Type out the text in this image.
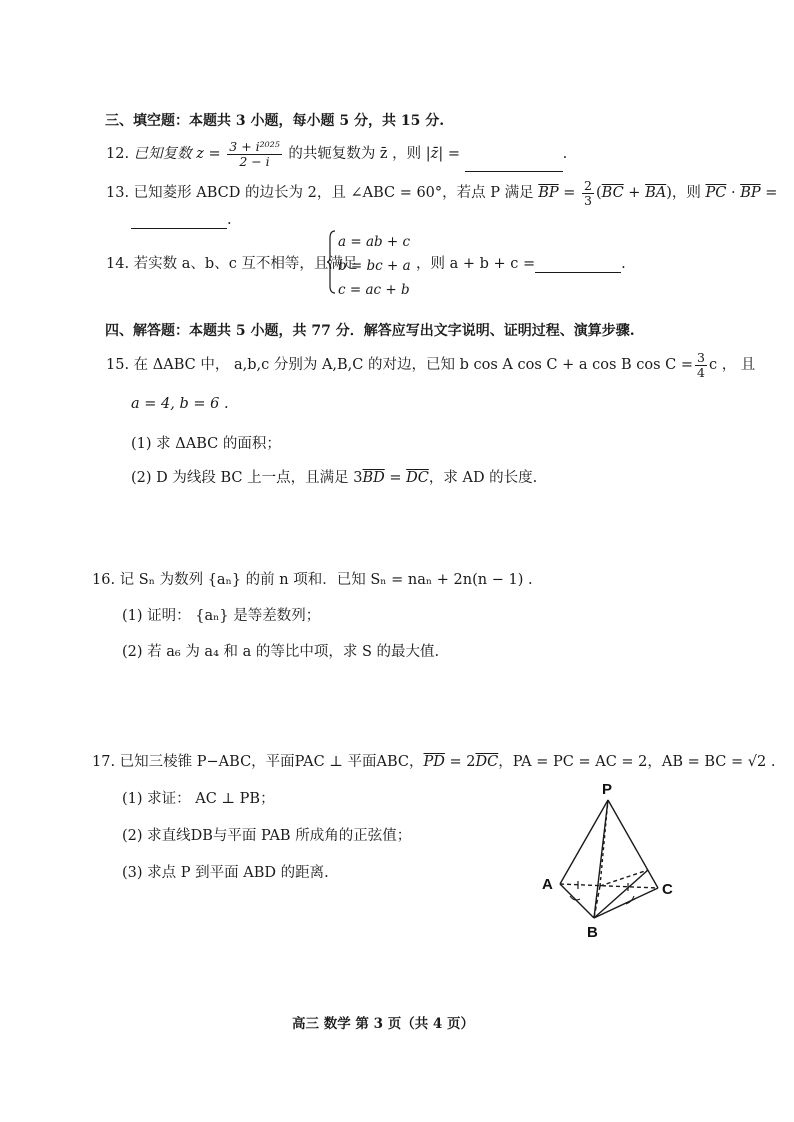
三、填空题：本题共 3 小题，每小题 5 分，共 15 分.
12. 已知复数 $z = \frac{\text{3 + i²⁰²⁵}}{2 - i}$ 的共轭复数为 z̄ ，则 |z̄| =	.
13. 已知菱形 ABCD 的边长为 2，且 ∠ABC = 60°，若点 P 满足 $\overline{BP} = \frac{2}{3} (\overline{BC} + \overline{BA})$，则 $\overline{PC} \cdot \overline{BP}$ =
.
14. 若实数 a、b、c 互不相等，且满足
a = ab + c
b = bc + a
c = ac + b
，则 a + b + c =	.
四、解答题：本题共 5 小题，共 77 分．解答应写出文字说明、证明过程、演算步骤.
15. 在 ΔABC 中， a,b,c 分别为 A,B,C 的对边，已知 b cos A cos C + a cos B $\cos C = \frac{3}{4}$ c ， 且
a = 4, b = 6 .
(1) 求 ΔABC 的面积；
(2) D 为线段 BC 上一点，且满足 $3\overline{BD} = \overline{DC}$，求 AD 的长度.
16. 记 Sₙ 为数列 {aₙ} 的前 n 项和．已知 Sₙ = naₙ + 2n(n − 1) .
(1) 证明： {aₙ} 是等差数列；
(2) 若 a₆ 为 a₄ 和 a 的等比中项，求 S 的最大值.
17. 已知三棱锥 P−ABC，平面PAC ⊥ 平面ABC，$\overline{PD} = 2\overline{DC}$，PA = PC = AC = 2，AB = BC = √2 .
(1) 求证： AC ⊥ PB；
(2) 求直线DB与平面 PAB 所成角的正弦值；
(3) 求点 P 到平面 ABD 的距离.
P
A
B
C
高三 数学 第 3 页（共 4 页）
